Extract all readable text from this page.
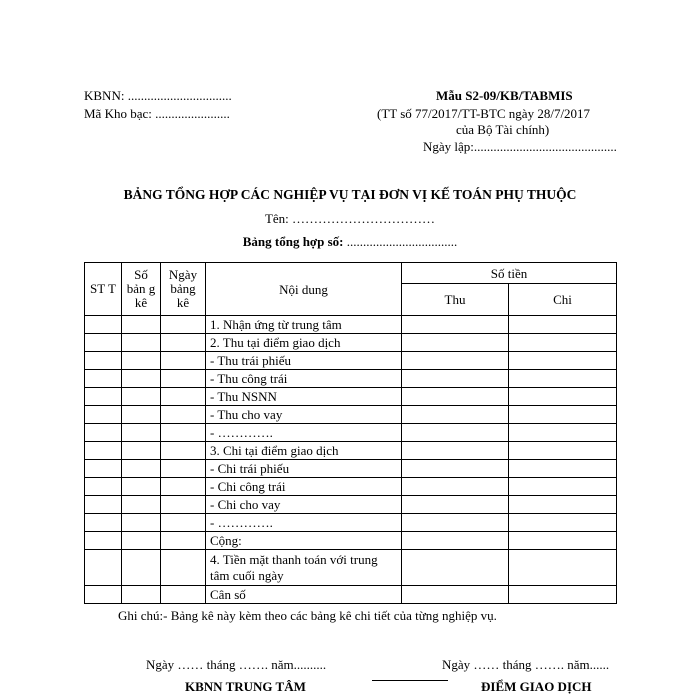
KBNN: ................................
Mã Kho bạc: .......................
Mẫu S2-09/KB/TABMIS
(TT số 77/2017/TT-BTC ngày 28/7/2017
của Bộ Tài chính)
Ngày lập:............................................
BẢNG TỔNG HỢP CÁC NGHIỆP VỤ TẠI ĐƠN VỊ KẾ TOÁN PHỤ THUỘC
Tên: ……………………………
Bảng tổng hợp số: ..................................
ST T	Số bản g kê	Ngày bảng kê	Nội dung	Số tiền	
				Thu	Chi
			1. Nhận ứng từ trung tâm		
			2. Thu tại điểm giao dịch		
			- Thu trái phiếu		
			- Thu công trái		
			- Thu NSNN		
			- Thu cho vay		
			- ………….		
			3. Chi tại điểm giao dịch		
			- Chi trái phiếu		
			- Chi công trái		
			- Chi cho vay		
			- ………….		
			Cộng:		
			4. Tiền mặt thanh toán với trung tâm cuối ngày		
			Cân số		
Ghi chú:- Bảng kê này kèm theo các bảng kê chi tiết của từng nghiệp vụ.
Ngày …… tháng ……. năm..........	Ngày …… tháng ……. năm......
KBNN TRUNG TÂM	ĐIỂM GIAO DỊCH
